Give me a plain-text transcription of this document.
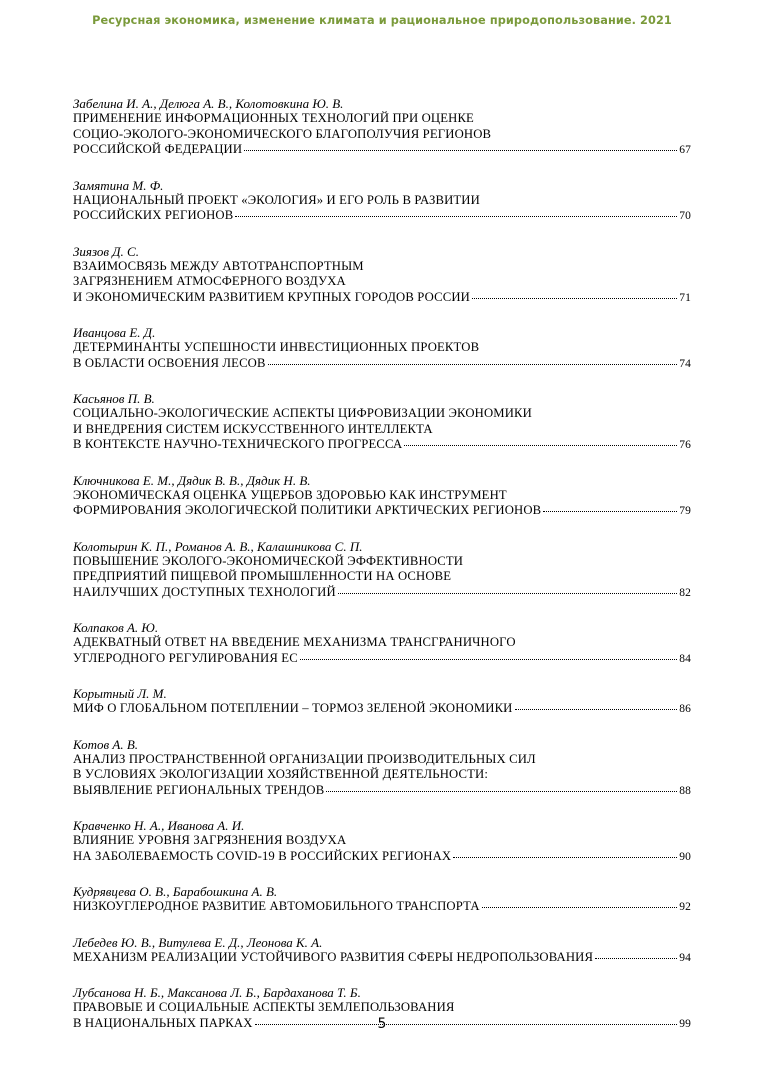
Ресурсная экономика, изменение климата и рациональное природопользование. 2021
Забелина И. А., Делюга А. В., Колотовкина Ю. В.
ПРИМЕНЕНИЕ ИНФОРМАЦИОННЫХ ТЕХНОЛОГИЙ ПРИ ОЦЕНКЕ
СОЦИО-ЭКОЛОГО-ЭКОНОМИЧЕСКОГО БЛАГОПОЛУЧИЯ РЕГИОНОВ
РОССИЙСКОЙ ФЕДЕРАЦИИ	67
Замятина М. Ф.
НАЦИОНАЛЬНЫЙ ПРОЕКТ «ЭКОЛОГИЯ» И ЕГО РОЛЬ В РАЗВИТИИ
РОССИЙСКИХ РЕГИОНОВ	70
Зиязов Д. С.
ВЗАИМОСВЯЗЬ МЕЖДУ АВТОТРАНСПОРТНЫМ
ЗАГРЯЗНЕНИЕМ АТМОСФЕРНОГО ВОЗДУХА
И ЭКОНОМИЧЕСКИМ РАЗВИТИЕМ КРУПНЫХ ГОРОДОВ РОССИИ	71
Иванцова Е. Д.
ДЕТЕРМИНАНТЫ УСПЕШНОСТИ ИНВЕСТИЦИОННЫХ ПРОЕКТОВ
В ОБЛАСТИ ОСВОЕНИЯ ЛЕСОВ	74
Касьянов П. В.
СОЦИАЛЬНО-ЭКОЛОГИЧЕСКИЕ АСПЕКТЫ ЦИФРОВИЗАЦИИ ЭКОНОМИКИ
И ВНЕДРЕНИЯ СИСТЕМ ИСКУССТВЕННОГО ИНТЕЛЛЕКТА
В КОНТЕКСТЕ НАУЧНО-ТЕХНИЧЕСКОГО ПРОГРЕССА	76
Ключникова Е. М., Дядик В. В., Дядик Н. В.
ЭКОНОМИЧЕСКАЯ ОЦЕНКА УЩЕРБОВ ЗДОРОВЬЮ КАК ИНСТРУМЕНТ
ФОРМИРОВАНИЯ ЭКОЛОГИЧЕСКОЙ ПОЛИТИКИ АРКТИЧЕСКИХ РЕГИОНОВ	79
Колотырин К. П., Романов А. В., Калашникова С. П.
ПОВЫШЕНИЕ ЭКОЛОГО-ЭКОНОМИЧЕСКОЙ ЭФФЕКТИВНОСТИ
ПРЕДПРИЯТИЙ ПИЩЕВОЙ ПРОМЫШЛЕННОСТИ НА ОСНОВЕ
НАИЛУЧШИХ ДОСТУПНЫХ ТЕХНОЛОГИЙ	82
Колпаков А. Ю.
АДЕКВАТНЫЙ ОТВЕТ НА ВВЕДЕНИЕ МЕХАНИЗМА ТРАНСГРАНИЧНОГО
УГЛЕРОДНОГО РЕГУЛИРОВАНИЯ ЕС	84
Корытный Л. М.
МИФ О ГЛОБАЛЬНОМ ПОТЕПЛЕНИИ – ТОРМОЗ ЗЕЛЕНОЙ ЭКОНОМИКИ	86
Котов А. В.
АНАЛИЗ ПРОСТРАНСТВЕННОЙ ОРГАНИЗАЦИИ ПРОИЗВОДИТЕЛЬНЫХ СИЛ
В УСЛОВИЯХ ЭКОЛОГИЗАЦИИ ХОЗЯЙСТВЕННОЙ ДЕЯТЕЛЬНОСТИ:
ВЫЯВЛЕНИЕ РЕГИОНАЛЬНЫХ ТРЕНДОВ	88
Кравченко Н. А., Иванова А. И.
ВЛИЯНИЕ УРОВНЯ ЗАГРЯЗНЕНИЯ ВОЗДУХА
НА ЗАБОЛЕВАЕМОСТЬ COVID-19 В РОССИЙСКИХ РЕГИОНАХ	90
Кудрявцева О. В., Барабошкина А. В.
НИЗКОУГЛЕРОДНОЕ РАЗВИТИЕ АВТОМОБИЛЬНОГО ТРАНСПОРТА	92
Лебедев Ю. В., Витулева Е. Д., Леонова К. А.
МЕХАНИЗМ РЕАЛИЗАЦИИ УСТОЙЧИВОГО РАЗВИТИЯ СФЕРЫ НЕДРОПОЛЬЗОВАНИЯ	94
Лубсанова Н. Б., Максанова Л. Б., Бардаханова Т. Б.
ПРАВОВЫЕ И СОЦИАЛЬНЫЕ АСПЕКТЫ ЗЕМЛЕПОЛЬЗОВАНИЯ
В НАЦИОНАЛЬНЫХ ПАРКАХ	99
5
